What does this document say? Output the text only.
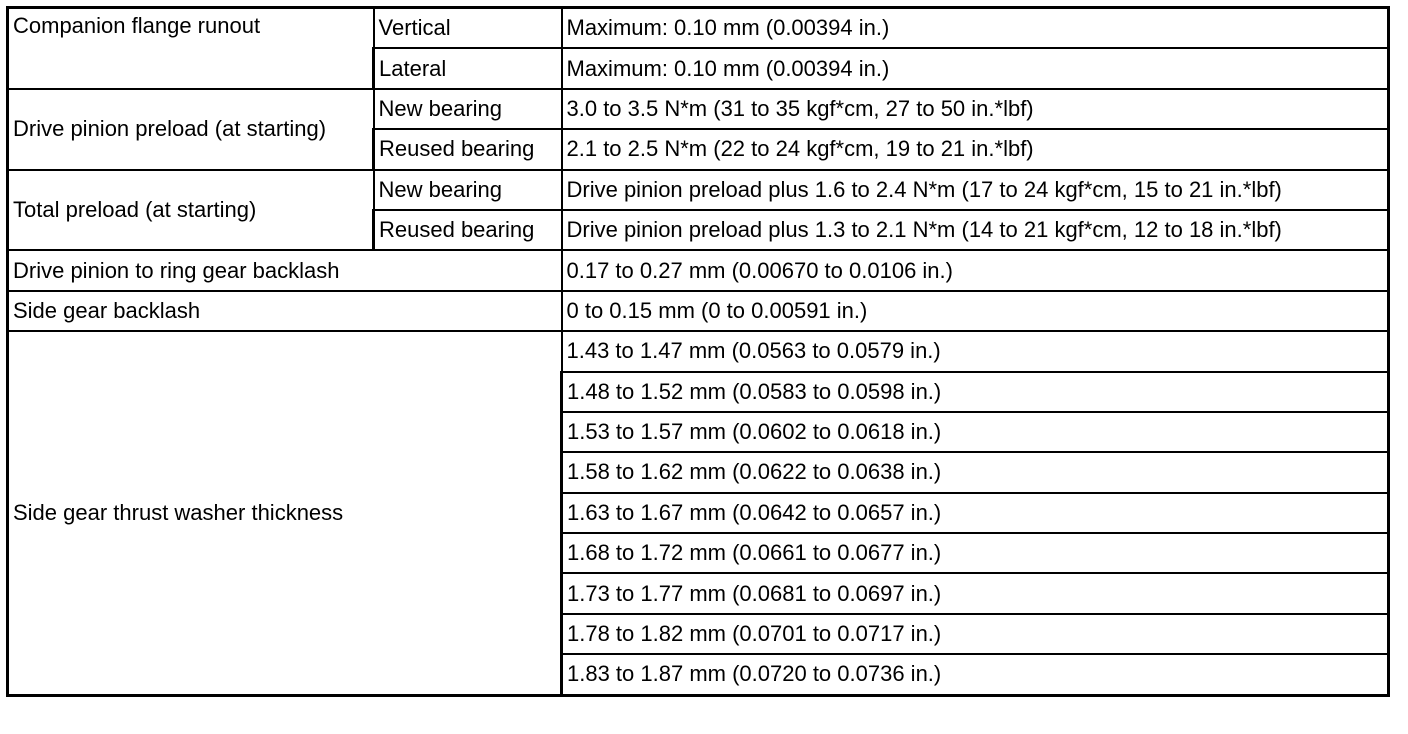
Companion flange runout	Vertical	Maximum: 0.10 mm (0.00394 in.)
	Lateral	Maximum: 0.10 mm (0.00394 in.)
Drive pinion preload (at starting)	New bearing	3.0 to 3.5 N*m (31 to 35 kgf*cm, 27 to 50 in.*lbf)
	Reused bearing	2.1 to 2.5 N*m (22 to 24 kgf*cm, 19 to 21 in.*lbf)
Total preload (at starting)	New bearing	Drive pinion preload plus 1.6 to 2.4 N*m (17 to 24 kgf*cm, 15 to 21 in.*lbf)
	Reused bearing	Drive pinion preload plus 1.3 to 2.1 N*m (14 to 21 kgf*cm, 12 to 18 in.*lbf)
Drive pinion to ring gear backlash		0.17 to 0.27 mm (0.00670 to 0.0106 in.)
Side gear backlash		0 to 0.15 mm (0 to 0.00591 in.)
Side gear thrust washer thickness		1.43 to 1.47 mm (0.0563 to 0.0579 in.)
		1.48 to 1.52 mm (0.0583 to 0.0598 in.)
		1.53 to 1.57 mm (0.0602 to 0.0618 in.)
		1.58 to 1.62 mm (0.0622 to 0.0638 in.)
		1.63 to 1.67 mm (0.0642 to 0.0657 in.)
		1.68 to 1.72 mm (0.0661 to 0.0677 in.)
		1.73 to 1.77 mm (0.0681 to 0.0697 in.)
		1.78 to 1.82 mm (0.0701 to 0.0717 in.)
		1.83 to 1.87 mm (0.0720 to 0.0736 in.)
